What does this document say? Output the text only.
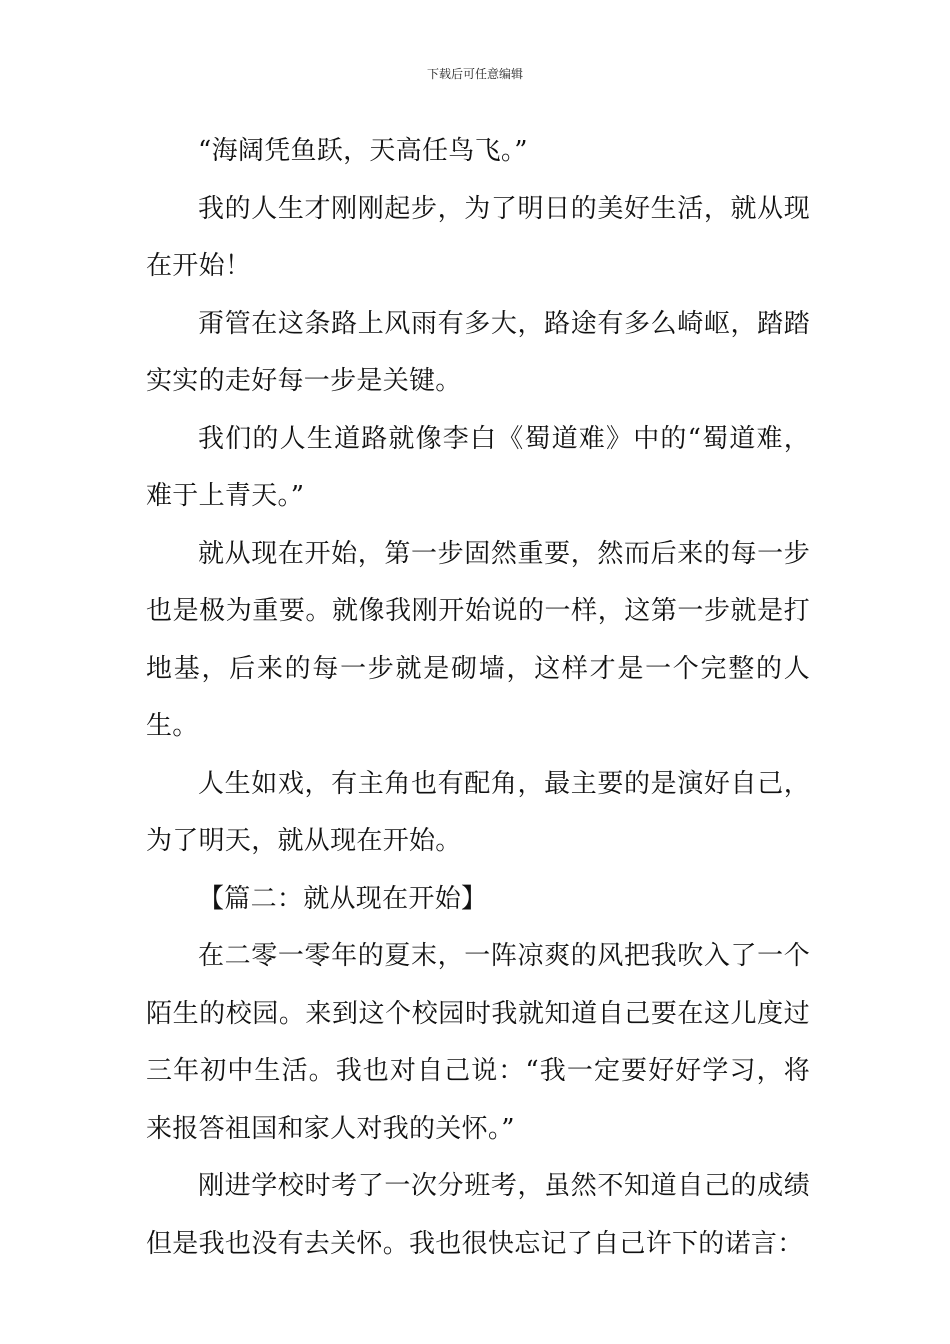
下载后可任意编辑

“海阔凭鱼跃，天高任鸟飞。”

我的人生才刚刚起步，为了明日的美好生活，就从现在开始！

甭管在这条路上风雨有多大，路途有多么崎岖，踏踏实实的走好每一步是关键。

我们的人生道路就像李白《蜀道难》中的“蜀道难，难于上青天。”

就从现在开始，第一步固然重要，然而后来的每一步也是极为重要。就像我刚开始说的一样，这第一步就是打地基，后来的每一步就是砌墙，这样才是一个完整的人生。

人生如戏，有主角也有配角，最主要的是演好自己，为了明天，就从现在开始。

【篇二：就从现在开始】

在二零一零年的夏末，一阵凉爽的风把我吹入了一个陌生的校园。来到这个校园时我就知道自己要在这儿度过三年初中生活。我也对自己说：“我一定要好好学习，将来报答祖国和家人对我的关怀。”

刚进学校时考了一次分班考，虽然不知道自己的成绩但是我也没有去关怀。我也很快忘记了自己许下的诺言：
